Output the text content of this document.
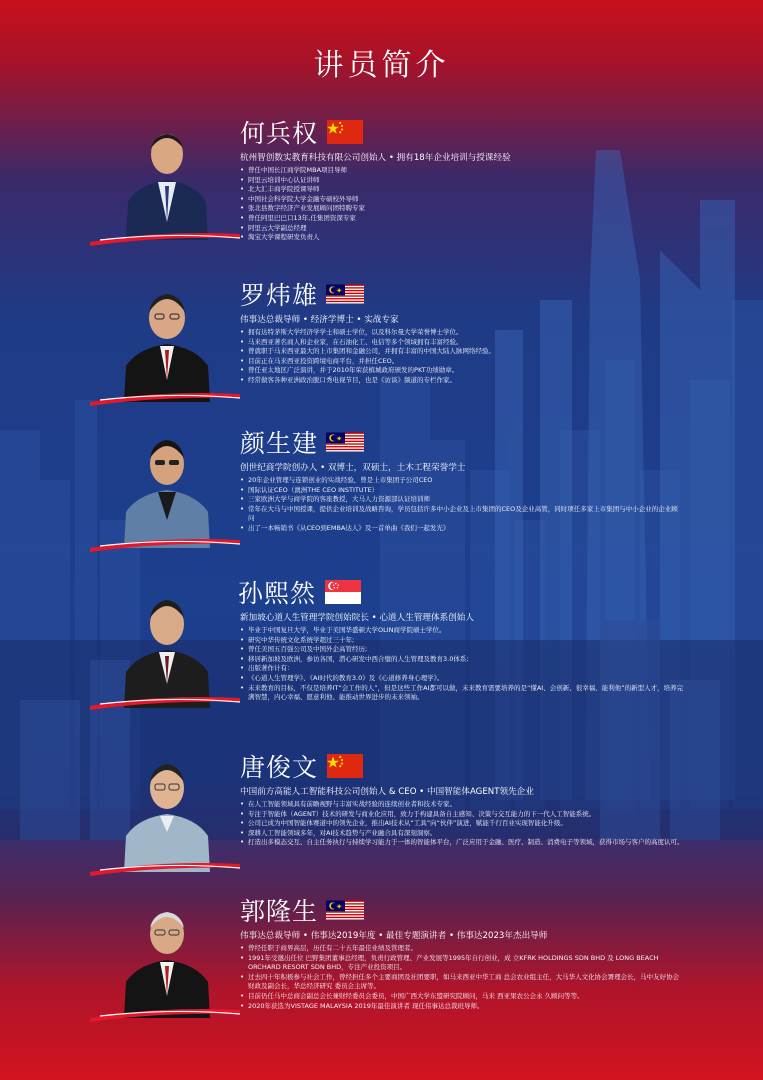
讲员简介
何兵权
杭州智创数实教育科技有限公司创始人 • 拥有18年企业培训与授课经验
• 曾任中国长江商学院MBA项目导师
• 阿里云培训中心认证讲师
• 北大汇丰商学院授课导师
• 中国社会科学院大学金融专硕校外导师
• 张北县数字经济产业发展顾问团特聘专家
• 曾任阿里巴巴口13年,任集团资深专家
• 阿里云大学副总经理
• 淘宝大学课程研发负责人
罗炜雄
伟事达总裁导师 • 经济学博士 • 实战专家
• 拥有达特茅斯大学经济学学士和硕士学位，以及科尔曼大学荣誉博士学位。
• 马来西亚著名商人和企业家，在石油化工、电信等多个领域拥有丰富经验。
• 曾就职于马来西亚最大的上市集团和金融公司，并拥有丰富的中国大陆人脉网络经验。
• 目前正在马来西亚投资跨境电商平台，并担任CEO。
• 曾任亚太地区广泛演讲，并于2010年荣获槟城政府颁发的PKT功绩勋章。
• 经常做客各种亚洲政治脱口秀电视节目，也是《访谈》频道的专栏作家。
颜生建
创世纪商学院创办人 • 双博士，双硕士，土木工程荣誉学士
• 20年企业管理与连锁创业的实战经验，曾是上市集团子公司CEO
• 国际认证CEO（澳洲THE CEO INSTITUTE）
• 三家欧洲大学与商学院的客座教授，大马人力资源部认证培训师
• 常年在大马与中国授课，提供企业培训及战略咨询，学员包括许多中小企业及上市集团的CEO及企业高管，同时项任多家上市集团与中小企业的企业顾问
• 出了一本畅销书《从CEO到EMBA达人》及一首单曲《我们一起发光》
孙熙然
新加坡心道人生管理学院创始院长 • 心道人生管理体系创始人
• 毕业于中国复旦大学，毕业于美国华盛顿大学OLIN商学院硕士学位。
• 研究中华传统文化系统学超过三十年;
• 曾任美国五百强公司及中国外企高管经历;
• 移居新加坡及欧洲，参访各国，潜心研发中西合璧的人生管理及教育3.0体系;
• 出版著作计有：
• 《心道人生管理学》、《AI时代的教育3.0》及《心道修养身心理学》。
• 未来教育的目标，不仅是培养IT“会工作的人”，但是这些工作AI都可以做，未来教育需要培养的是“懂AI、会创新、很幸福、能利他”的新型人才，培养完满智慧，内心幸福、愿意利他、能推动世界进步的未来领袖。
唐俊文
中国前方高能人工智能科技公司创始人 & CEO • 中国智能体AGENT领先企业
• 在人工智能领域具有前瞻视野与丰富实战经验的连续创业者和技术专家。
• 专注于智能体（AGENT）技术的研发与商业化应用，致力于构建具备自主感知、决策与交互能力的下一代人工智能系统。
• 公司已成为中国智能体赛道中的领先企业，推出AI技术从“工具”向“伙伴”演进，赋能千行百业实现智能化升级。
• 深耕人工智能领域多年，对AI技术趋势与产业融合具有深刻洞察。
• 打造出多模态交互、自主任务执行与持续学习能力于一体的智能体平台，广泛应用于金融、医疗、制造、消费电子等领域，获得市场与客户的高度认可。
郭隆生
伟事达总裁导师 • 伟事达2019年度 • 最佳专题演讲者 • 伟事达2023年杰出导师
• 曾经任职于商界高层，历任有二十五年最佳业绩及管理者。
• 1991年受邀出任位 巴野集团董事总经理，负责行政管理、产业发展等1995年自行创业，成 立KFRK HOLDINGS SDN BHD 及 LONG BEACH ORCHARD RESORT SDN BHD，专注产业投资项目。
• 过去四十年积极参与社会工作，曾经担任多个主要商团及社团要职，如马来西亚中华工商 总会农业组主任，大马华人文化协会署理会长，马中友好协会财政及副会长，华总经济研究 委员会主席等。
• 目前仍任马中总商会副总会长兼财经委员会委员，中国广西大学东盟研究院顾问，马来 西亚果农公会永 久顾问等等。
• 2020年获选为VISTAGE MALAYSIA 2019年最佳演讲者 现任伟事达总裁班导师。
